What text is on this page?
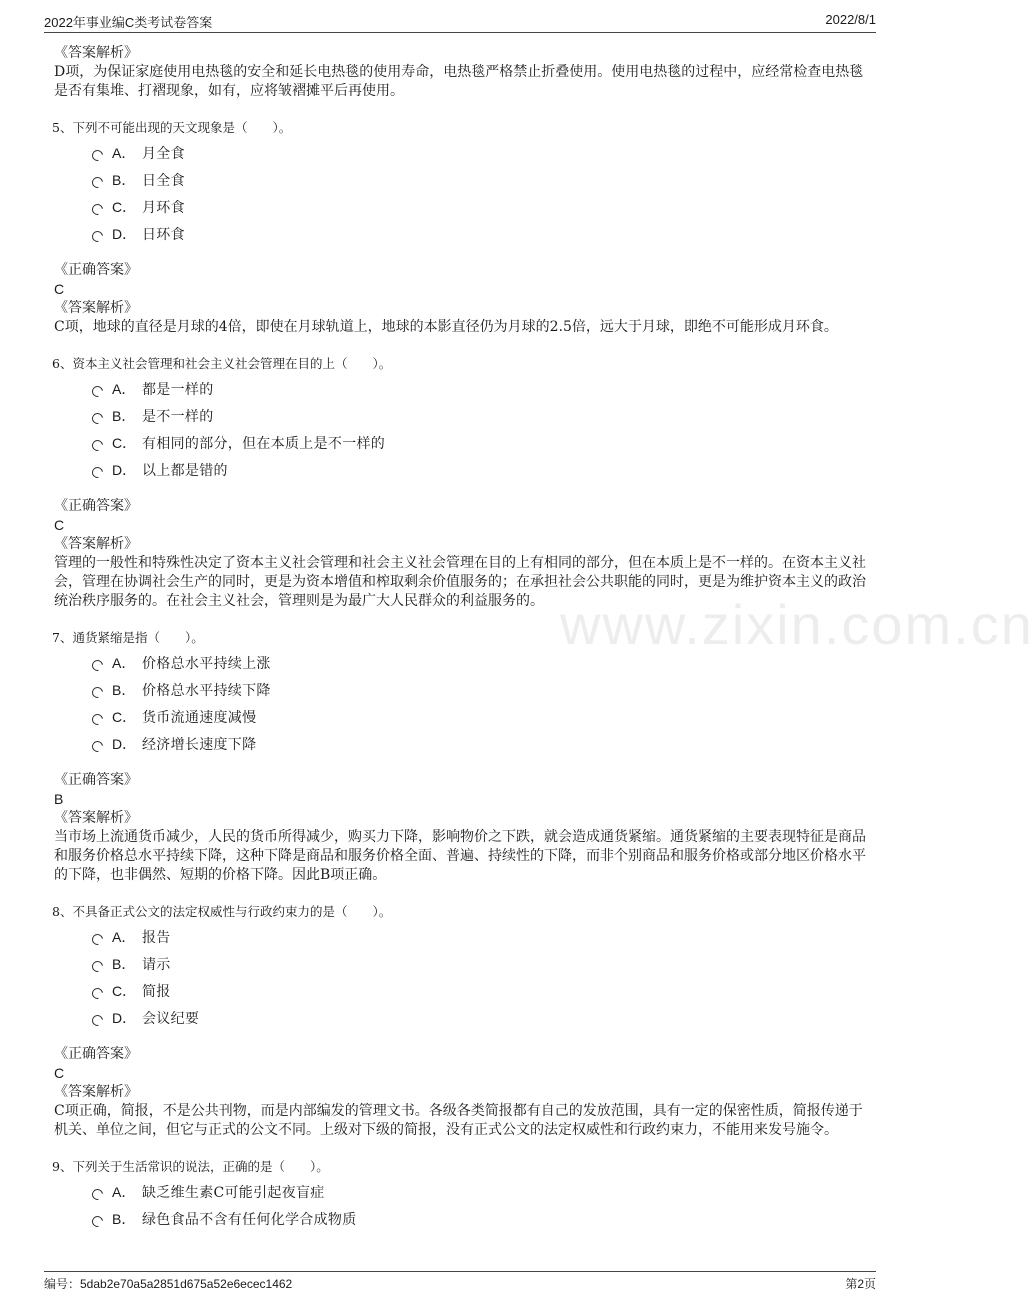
2022年事业编C类考试卷答案	2022/8/1
www.zixin.com.cn

《答案解析》

D项，为保证家庭使用电热毯的安全和延长电热毯的使用寿命，电热毯严格禁止折叠使用。使用电热毯的过程中，应经常检查电热毯是否有集堆、打褶现象，如有，应将皱褶摊平后再使用。

5、下列不可能出现的天文现象是（　　）。

A． 月全食
B． 日全食
C． 月环食
D． 日环食

《正确答案》

C

《答案解析》

C项，地球的直径是月球的4倍，即使在月球轨道上，地球的本影直径仍为月球的2.5倍，远大于月球，即绝不可能形成月环食。

6、资本主义社会管理和社会主义社会管理在目的上（　　）。

A． 都是一样的
B． 是不一样的
C． 有相同的部分，但在本质上是不一样的
D． 以上都是错的

《正确答案》

C

《答案解析》

管理的一般性和特殊性决定了资本主义社会管理和社会主义社会管理在目的上有相同的部分，但在本质上是不一样的。在资本主义社会，管理在协调社会生产的同时，更是为资本增值和榨取剩余价值服务的；在承担社会公共职能的同时，更是为维护资本主义的政治统治秩序服务的。在社会主义社会，管理则是为最广大人民群众的利益服务的。

7、通货紧缩是指（　　）。

A． 价格总水平持续上涨
B． 价格总水平持续下降
C． 货币流通速度减慢
D． 经济增长速度下降

《正确答案》

B

《答案解析》

当市场上流通货币减少，人民的货币所得减少，购买力下降，影响物价之下跌，就会造成通货紧缩。通货紧缩的主要表现特征是商品和服务价格总水平持续下降，这种下降是商品和服务价格全面、普遍、持续性的下降，而非个别商品和服务价格或部分地区价格水平的下降，也非偶然、短期的价格下降。因此B项正确。

8、不具备正式公文的法定权威性与行政约束力的是（　　）。

A． 报告
B． 请示
C． 简报
D． 会议纪要

《正确答案》

C

《答案解析》

C项正确，简报，不是公共刊物，而是内部编发的管理文书。各级各类简报都有自己的发放范围，具有一定的保密性质，简报传递于机关、单位之间，但它与正式的公文不同。上级对下级的简报，没有正式公文的法定权威性和行政约束力，不能用来发号施令。

9、下列关于生活常识的说法，正确的是（　　）。

A． 缺乏维生素C可能引起夜盲症
B． 绿色食品不含有任何化学合成物质
编号：5dab2e70a5a2851d675a52e6ecec1462	第2页
